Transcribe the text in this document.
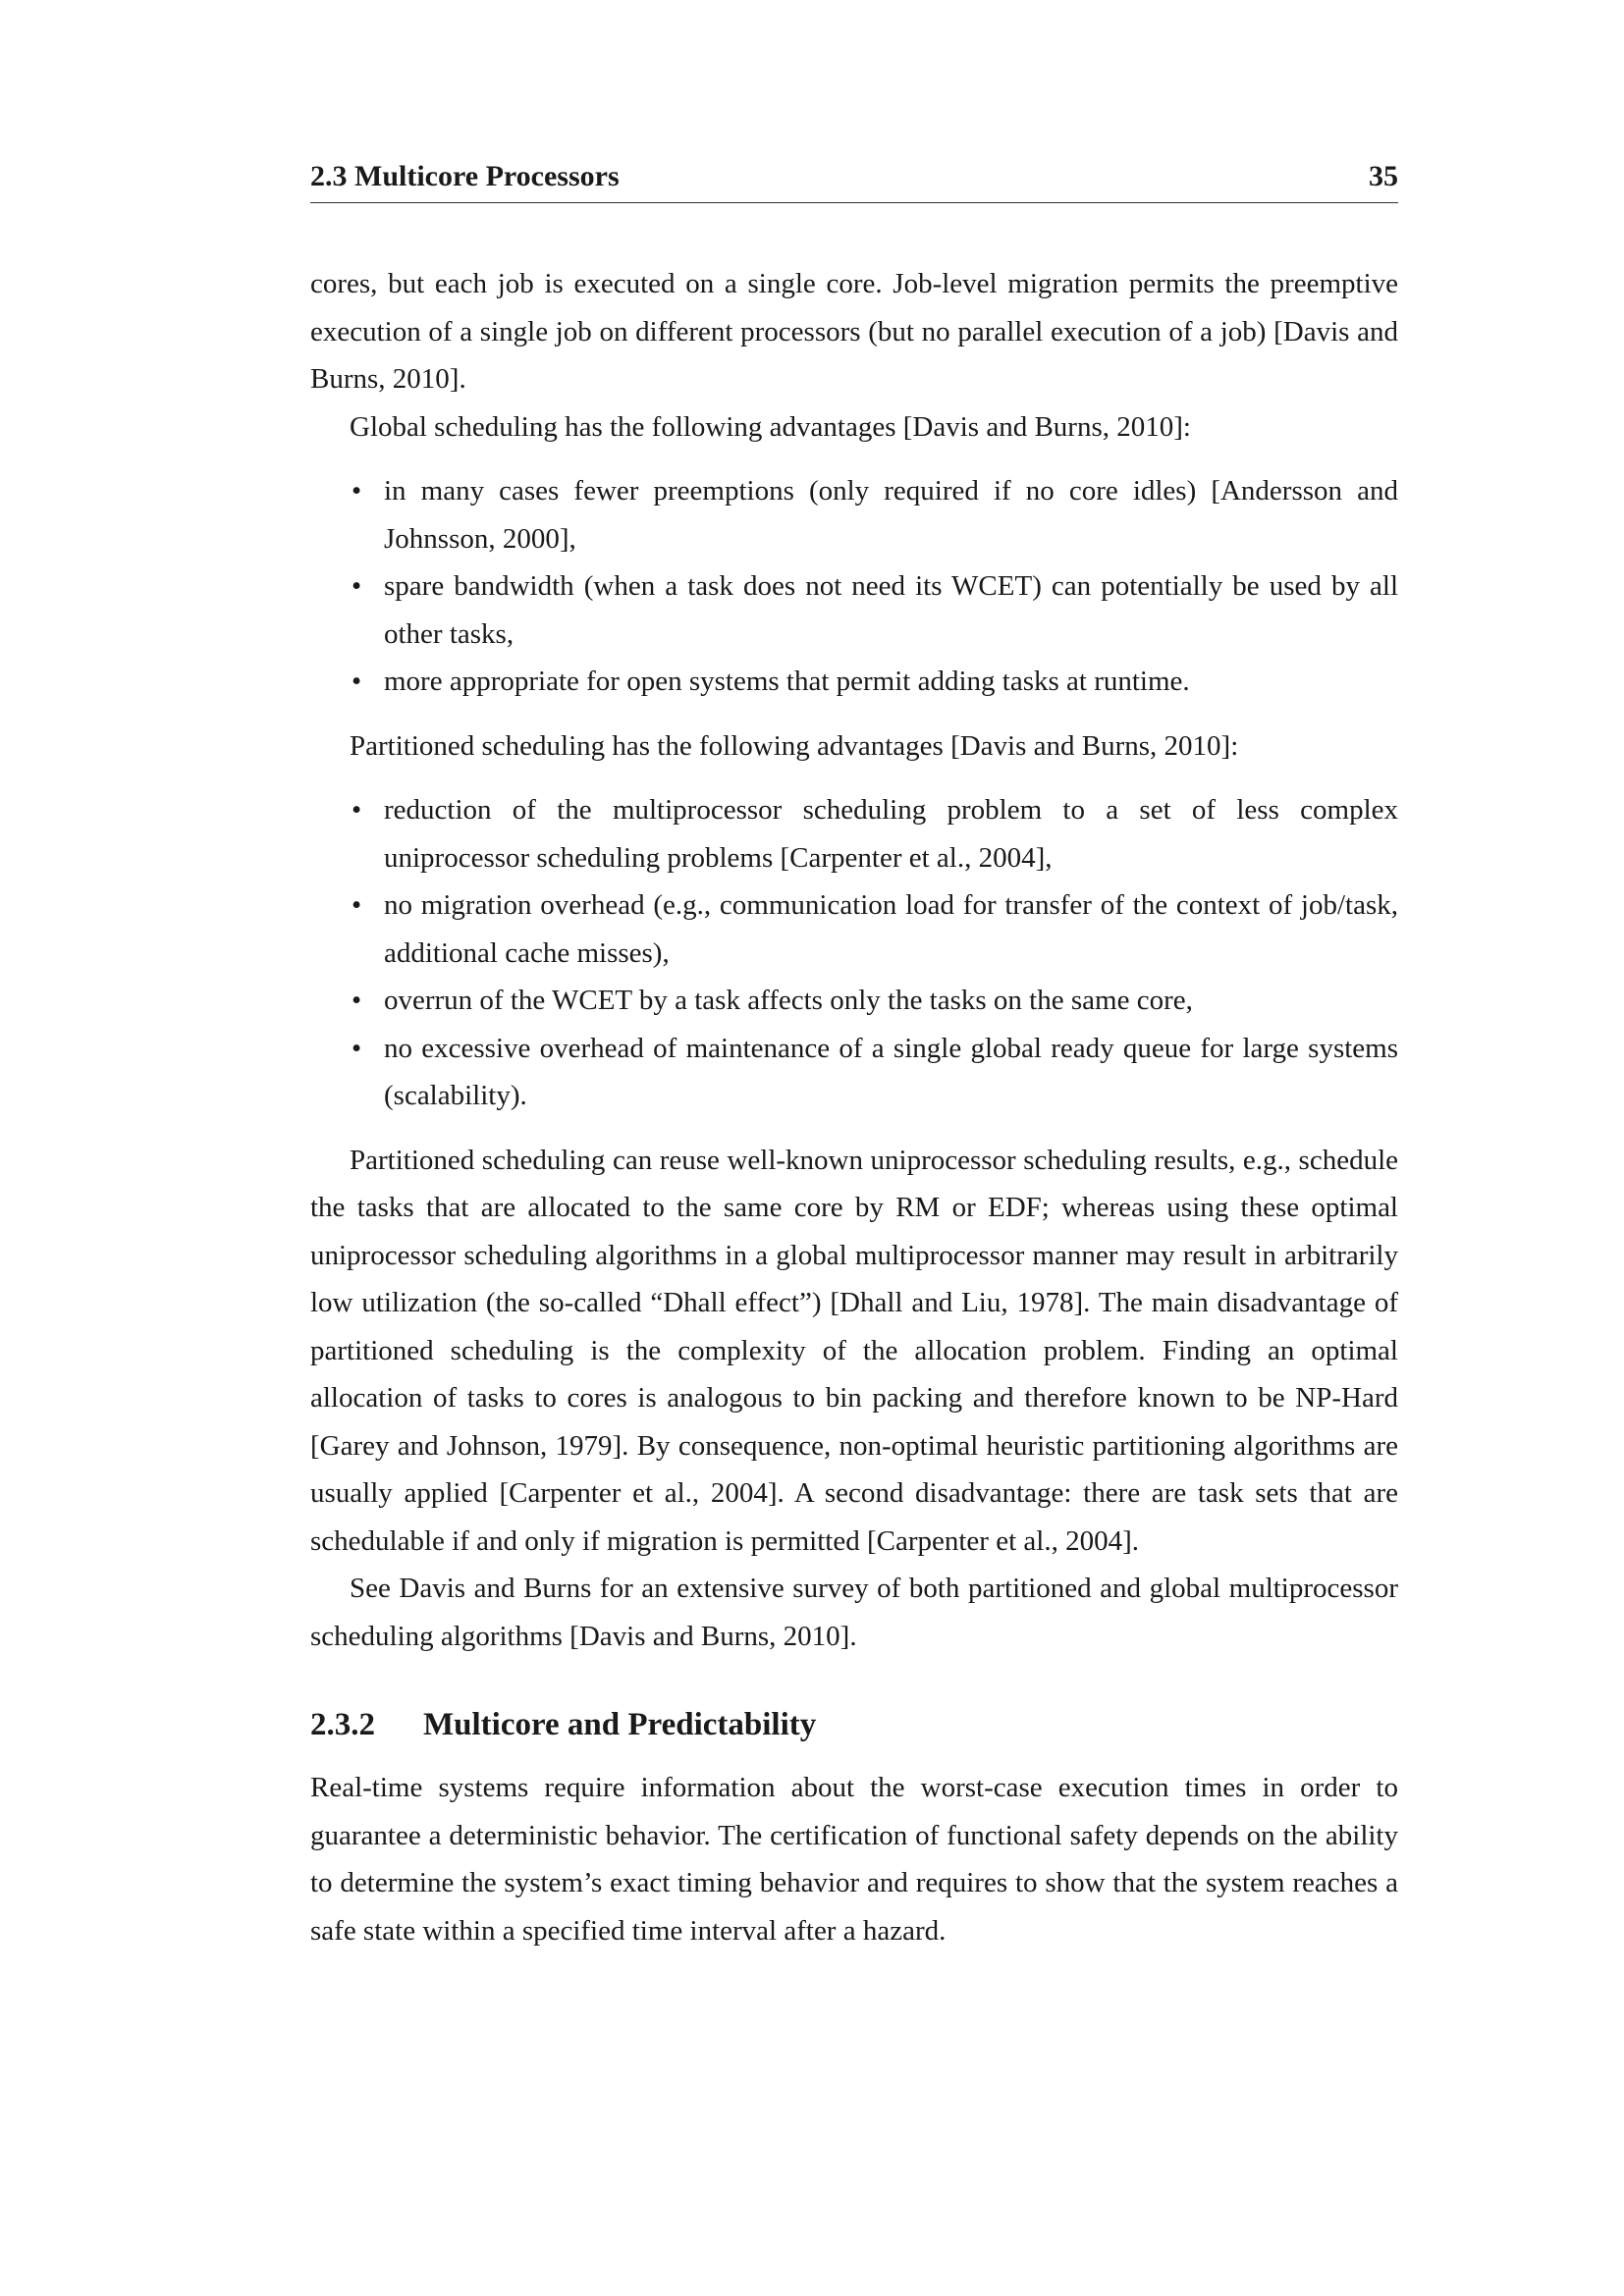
2.3 Multicore Processors	35

cores, but each job is executed on a single core. Job-level migration permits the preemptive execution of a single job on different processors (but no parallel execution of a job) [Davis and Burns, 2010].

Global scheduling has the following advantages [Davis and Burns, 2010]:

• in many cases fewer preemptions (only required if no core idles) [Andersson and Johnsson, 2000],
• spare bandwidth (when a task does not need its WCET) can potentially be used by all other tasks,
• more appropriate for open systems that permit adding tasks at runtime.

Partitioned scheduling has the following advantages [Davis and Burns, 2010]:

• reduction of the multiprocessor scheduling problem to a set of less complex uniprocessor scheduling problems [Carpenter et al., 2004],
• no migration overhead (e.g., communication load for transfer of the context of job/task, additional cache misses),
• overrun of the WCET by a task affects only the tasks on the same core,
• no excessive overhead of maintenance of a single global ready queue for large systems (scalability).

Partitioned scheduling can reuse well-known uniprocessor scheduling results, e.g., schedule the tasks that are allocated to the same core by RM or EDF; whereas using these optimal uniprocessor scheduling algorithms in a global multiprocessor manner may result in arbitrarily low utilization (the so-called “Dhall effect”) [Dhall and Liu, 1978]. The main disadvantage of partitioned scheduling is the complexity of the allocation problem. Finding an optimal allocation of tasks to cores is analogous to bin packing and therefore known to be NP-Hard [Garey and Johnson, 1979]. By consequence, non-optimal heuristic partitioning algorithms are usually applied [Carpenter et al., 2004]. A second disadvantage: there are task sets that are schedulable if and only if migration is permitted [Carpenter et al., 2004].

See Davis and Burns for an extensive survey of both partitioned and global multiprocessor scheduling algorithms [Davis and Burns, 2010].

2.3.2	Multicore and Predictability

Real-time systems require information about the worst-case execution times in order to guarantee a deterministic behavior. The certification of functional safety depends on the ability to determine the system’s exact timing behavior and requires to show that the system reaches a safe state within a specified time interval after a hazard.
